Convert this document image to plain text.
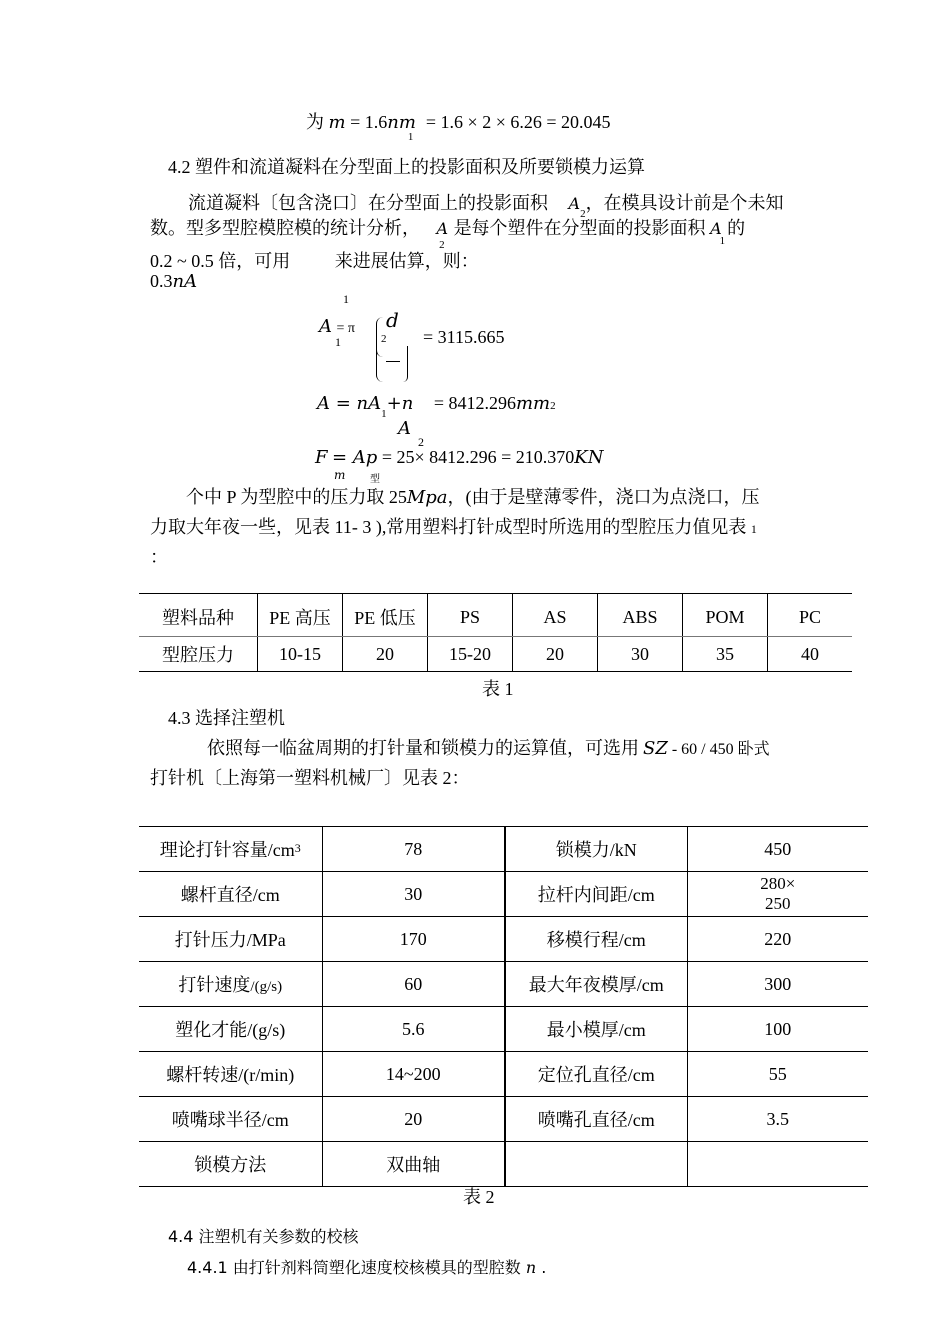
为 $m = 1.6nm_1 = 1.6 \times 2 \times 6.26 = 20.045$
4.2 塑件和流道凝料在分型面上的投影面积及所要锁模力运算
流道凝料〔包含浇口〕在分型面上的投影面积 $A_2$，在模具设计前是个未知
数。型多型腔模腔模的统计分析， $A_2$是每个塑件在分型面的投影面积 $A_1$的
0.2 ~ 0.5 倍，可用 来进展估算，则：
0.3nA
1
A = π
1
d
2 = 3115.665
$A = nA_1+n = 8412.296mm2$
A
2
F = Ap = 25× 8412.296 = 210.370KN
m 型
个中 P 为型腔中的压力取 25Mpa，(由于是壁薄零件，浇口为点浇口，压
力取大年夜一些，见表 11- 3 ),常用塑料打针成型时所选用的型腔压力值见表 1
：
塑料品种	PE 高压	PE 低压	PS	AS	ABS	POM	PC
型腔压力	10-15	20	15-20	20	30	35	40
表 1
4.3 选择注塑机
依照每一临盆周期的打针量和锁模力的运算值，可选用 SZ - 60 / 450 卧式
打针机〔上海第一塑料机械厂〕见表 2：
理论打针容量$/cm^3$	78	锁模力/kN	450
螺杆直径/cm	30	拉杆内间距/cm	280×
250
打针压力/MPa	170	移模行程/cm	220
打针速度/(g/s)	60	最大年夜模厚/cm	300
塑化才能/(g/s)	5.6	最小模厚/cm	100
螺杆转速/(r/min)	14~200	定位孔直径/cm	55
喷嘴球半径/cm	20	喷嘴孔直径/cm	3.5
锁模方法	双曲轴		
表 2
4.4 注塑机有关参数的校核
4.4.1 由打针剂料筒塑化速度校核模具的型腔数 n .
